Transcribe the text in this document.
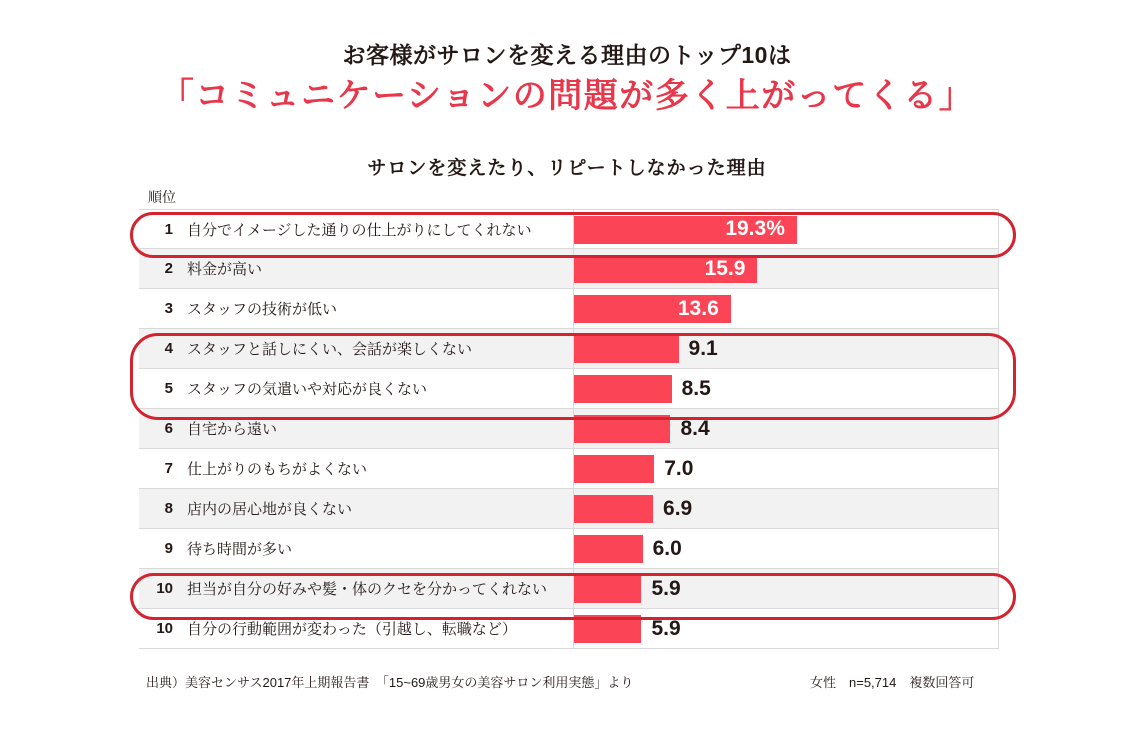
お客様がサロンを変える理由のトップ10は
「コミュニケーションの問題が多く上がってくる」
サロンを変えたり、リピートしなかった理由
順位
1 自分でイメージした通りの仕上がりにしてくれない	19.3%
2 料金が高い	15.9
3 スタッフの技術が低い	13.6
4 スタッフと話しにくい、会話が楽しくない	9.1
5 スタッフの気遣いや対応が良くない	8.5
6 自宅から遠い	8.4
7 仕上がりのもちがよくない	7.0
8 店内の居心地が良くない	6.9
9 待ち時間が多い	6.0
10 担当が自分の好みや髪・体のクセを分かってくれない	5.9
10 自分の行動範囲が変わった（引越し、転職など）	5.9
出典）美容センサス2017年上期報告書　「15~69歳男女の美容サロン利用実態」より	女性　n=5,714　複数回答可
